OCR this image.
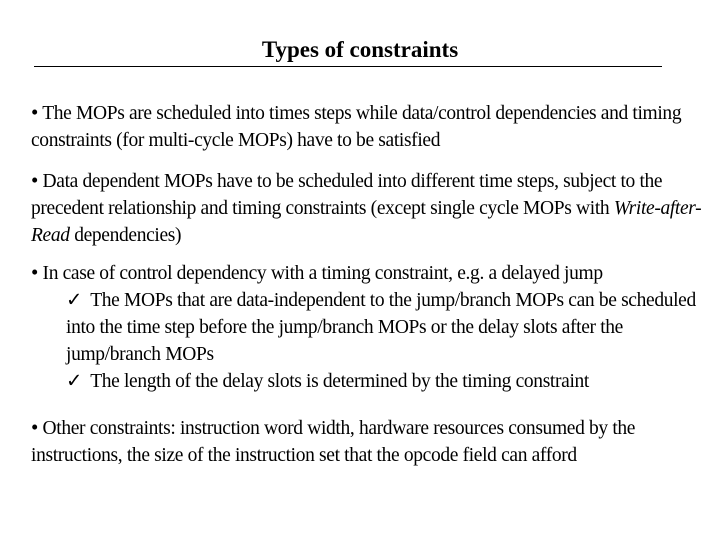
Types of constraints
• The MOPs are scheduled into times steps while data/control dependencies and timing constraints (for multi-cycle MOPs) have to be satisfied
• Data dependent MOPs have to be scheduled into different time steps, subject to the precedent relationship and timing constraints (except single cycle MOPs with Write-after-Read dependencies)
• In case of control dependency with a timing constraint, e.g. a delayed jump
✓ The MOPs that are data-independent to the jump/branch MOPs can be scheduled into the time step before the jump/branch MOPs or the delay slots after the jump/branch MOPs
✓ The length of the delay slots is determined by the timing constraint
• Other constraints: instruction word width, hardware resources consumed by the instructions, the size of the instruction set that the opcode field can afford
